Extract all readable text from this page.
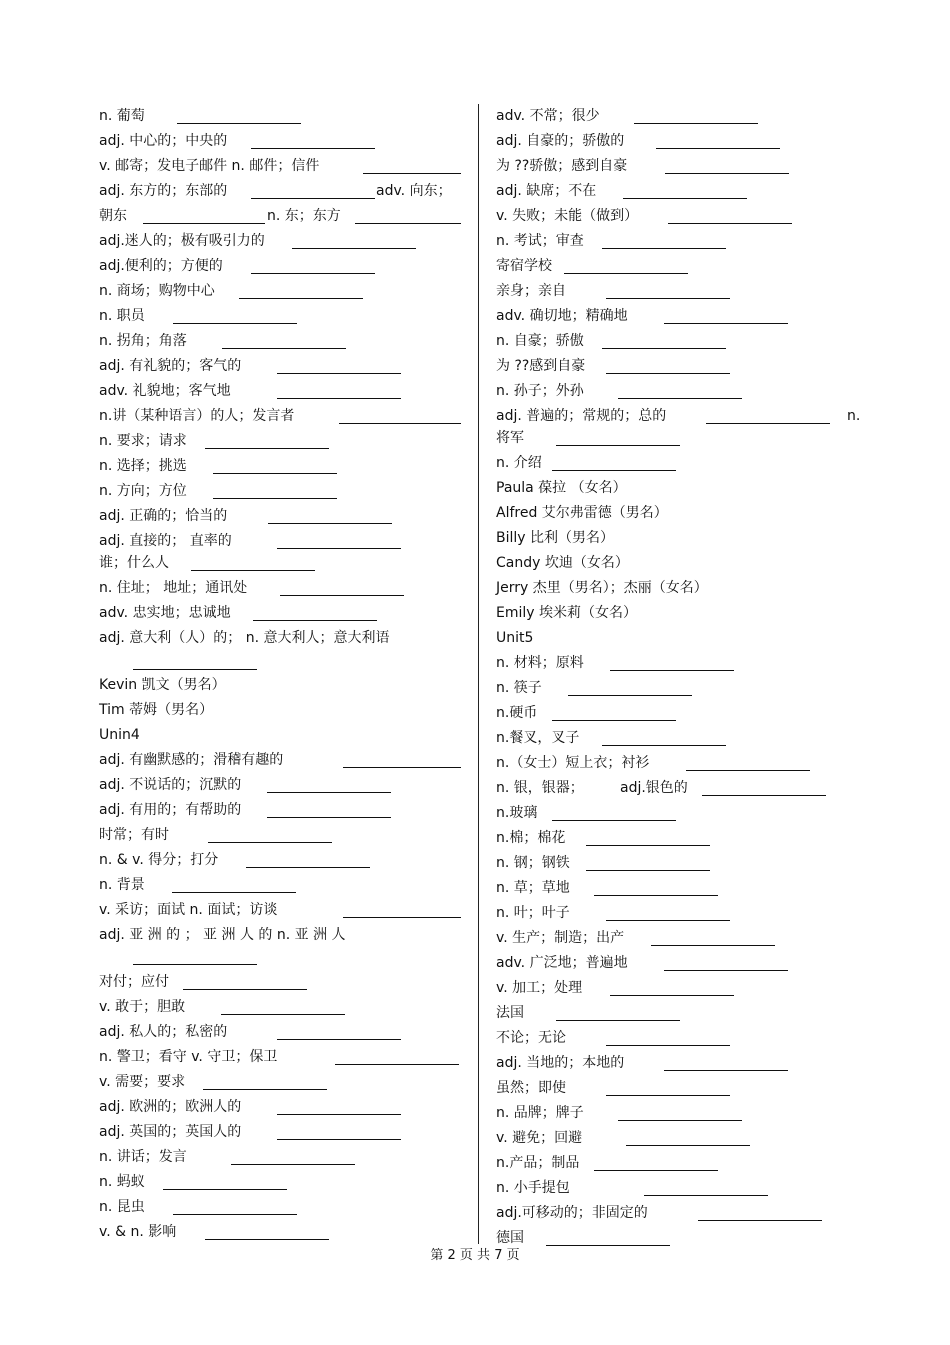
n. 葡萄
adj. 中心的；中央的
v. 邮寄；发电子邮件 n. 邮件；信件
adj. 东方的；东部的	adv. 向东；
朝东	n. 东；东方
adj.迷人的；极有吸引力的
adj.便利的；方便的
n. 商场；购物中心
n. 职员
n. 拐角；角落
adj. 有礼貌的；客气的
adv. 礼貌地；客气地
n.讲（某种语言）的人；发言者
n. 要求；请求
n. 选择；挑选
n. 方向；方位
adj. 正确的；恰当的
adj. 直接的； 直率的
谁；什么人
n. 住址； 地址；通讯处
adv. 忠实地；忠诚地
adj. 意大利（人）的； n. 意大利人；意大利语
Kevin 凯文（男名）
Tim 蒂姆（男名）
Unin4
adj. 有幽默感的；滑稽有趣的
adj. 不说话的；沉默的
adj. 有用的；有帮助的
时常；有时
n. & v. 得分；打分
n. 背景
v. 采访；面试 n. 面试；访谈
adj. 亚 洲 的 ； 亚 洲 人 的 n. 亚 洲 人
对付；应付
v. 敢于；胆敢
adj. 私人的；私密的
n. 警卫；看守 v. 守卫；保卫
v. 需要；要求
adj. 欧洲的；欧洲人的
adj. 英国的；英国人的
n. 讲话；发言
n. 蚂蚁
n. 昆虫
v. & n. 影响
adv. 不常；很少
adj. 自豪的；骄傲的
为 ??骄傲；感到自豪
adj. 缺席；不在
v. 失败；未能（做到）
n. 考试；审查
寄宿学校
亲身；亲自
adv. 确切地；精确地
n. 自豪；骄傲
为 ??感到自豪
n. 孙子；外孙
adj. 普遍的；常规的；总的	n.
将军
n. 介绍
Paula 葆拉 （女名）
Alfred 艾尔弗雷德（男名）
Billy 比利（男名）
Candy 坎迪（女名）
Jerry 杰里（男名）；杰丽（女名）
Emily 埃米莉（女名）
Unit5
n. 材料；原料
n. 筷子
n.硬币
n.餐叉，叉子
n.（女士）短上衣；衬衫
n. 银，银器；	adj.银色的
n.玻璃
n.棉；棉花
n. 钢；钢铁
n. 草；草地
n. 叶；叶子
v. 生产；制造；出产
adv. 广泛地；普遍地
v. 加工；处理
法国
不论；无论
adj. 当地的；本地的
虽然；即使
n. 品牌；牌子
v. 避免；回避
n.产品；制品
n. 小手提包
adj.可移动的；非固定的
德国
第 2 页 共 7 页
